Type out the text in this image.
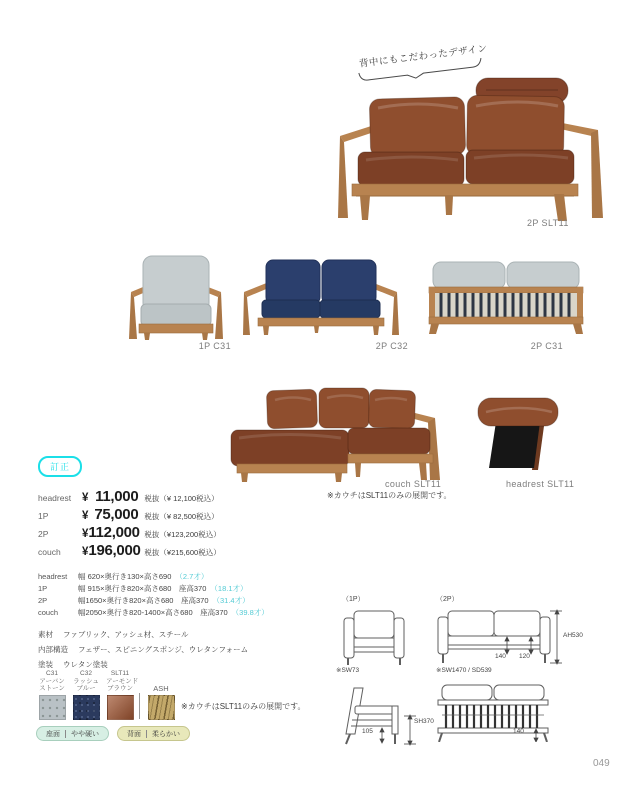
背中にもこだわったデザイン
2P SLT11
1P C31	2P C32	2P C31
couch SLT11
※カウチはSLT11のみの展開です。
headrest SLT11
訂正
headrest ¥ 11,000 税抜（¥ 12,100税込）
1P	¥ 75,000 税抜（¥ 82,500税込）
2P	¥ 112,000 税抜（¥123,200税込）
couch	¥ 196,000 税抜（¥215,600税込）
headrest	幅 620×奥行き130×高さ690 （2.7才）
1P	幅 915×奥行き820×高さ680　座高370 （18.1才）
2P	幅1650×奥行き820×高さ680　座高370 （31.4才）
couch	幅2050×奥行き820-1400×高さ680　座高370 （39.8才）
素材 ファブリック、アッシュ材、スチール
内部構造 フェザー、スピニングスポンジ、ウレタンフォーム
塗装 ウレタン塗装
C31
アーバン
ストーン
C32
ラッシュ
ブルー
SLT11
アーモンド
ブラウン	ASH
※カウチはSLT11のみの展開です。
座面 やや硬い	背面 柔らかい
（1P）	（2P）
※SW73
140 120
AH530
※SW1470 / SD539
105
SH370
140
049
